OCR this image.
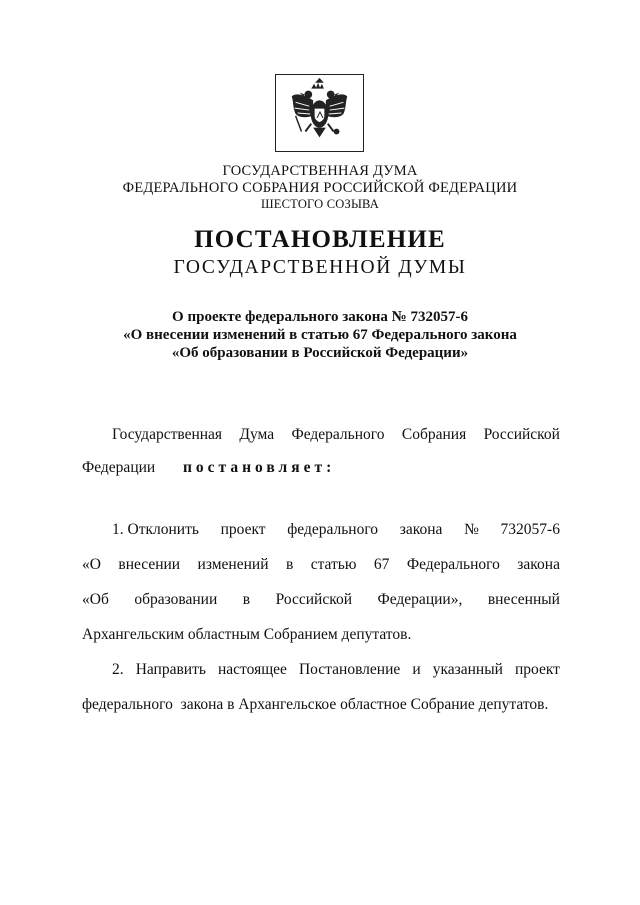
ГОСУДАРСТВЕННАЯ ДУМА
ФЕДЕРАЛЬНОГО СОБРАНИЯ РОССИЙСКОЙ ФЕДЕРАЦИИ
ШЕСТОГО СОЗЫВА
ПОСТАНОВЛЕНИЕ
ГОСУДАРСТВЕННОЙ ДУМЫ
О проекте федерального закона № 732057-6
«О внесении изменений в статью 67 Федерального закона
«Об образовании в Российской Федерации»
Государственная Дума Федерального Собрания Российской
Федерации постановляет:
1. Отклонить проект федерального закона № 732057-6
«О внесении изменений в статью 67 Федерального закона
«Об образовании в Российской Федерации», внесенный
Архангельским областным Собранием депутатов.
2. Направить настоящее Постановление и указанный проект
федерального  закона в Архангельское областное Собрание депутатов.
